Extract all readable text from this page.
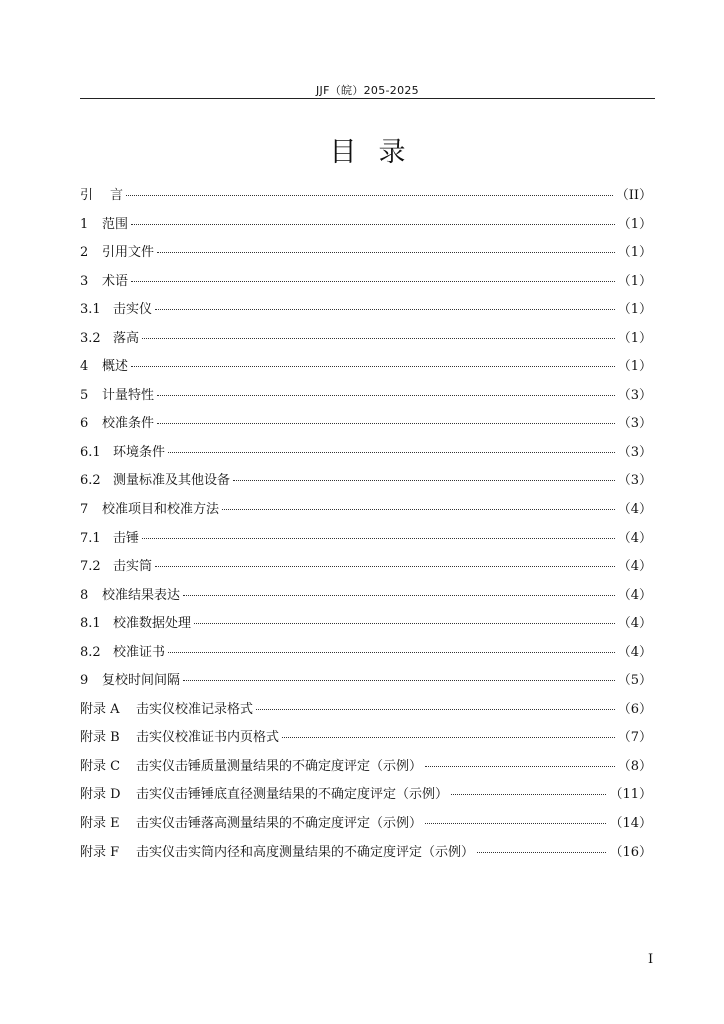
JJF（皖）205-2025
目录
引	言	（II）
1	范围	（1）
2	引用文件	（1）
3	术语	（1）
3.1 击实仪	（1）
3.2 落高	（1）
4	概述	（1）
5	计量特性	（3）
6	校准条件	（3）
6.1 环境条件	（3）
6.2 测量标准及其他设备	（3）
7	校准项目和校准方法	（4）
7.1 击锤	（4）
7.2 击实筒	（4）
8	校准结果表达	（4）
8.1 校准数据处理	（4）
8.2 校准证书	（4）
9	复校时间间隔	（5）
附录 A	击实仪校准记录格式	（6）
附录 B	击实仪校准证书内页格式	（7）
附录 C	击实仪击锤质量测量结果的不确定度评定（示例）	（8）
附录 D	击实仪击锤锤底直径测量结果的不确定度评定（示例）	（11）
附录 E	击实仪击锤落高测量结果的不确定度评定（示例）	（14）
附录 F	击实仪击实筒内径和高度测量结果的不确定度评定（示例）	（16）
I
